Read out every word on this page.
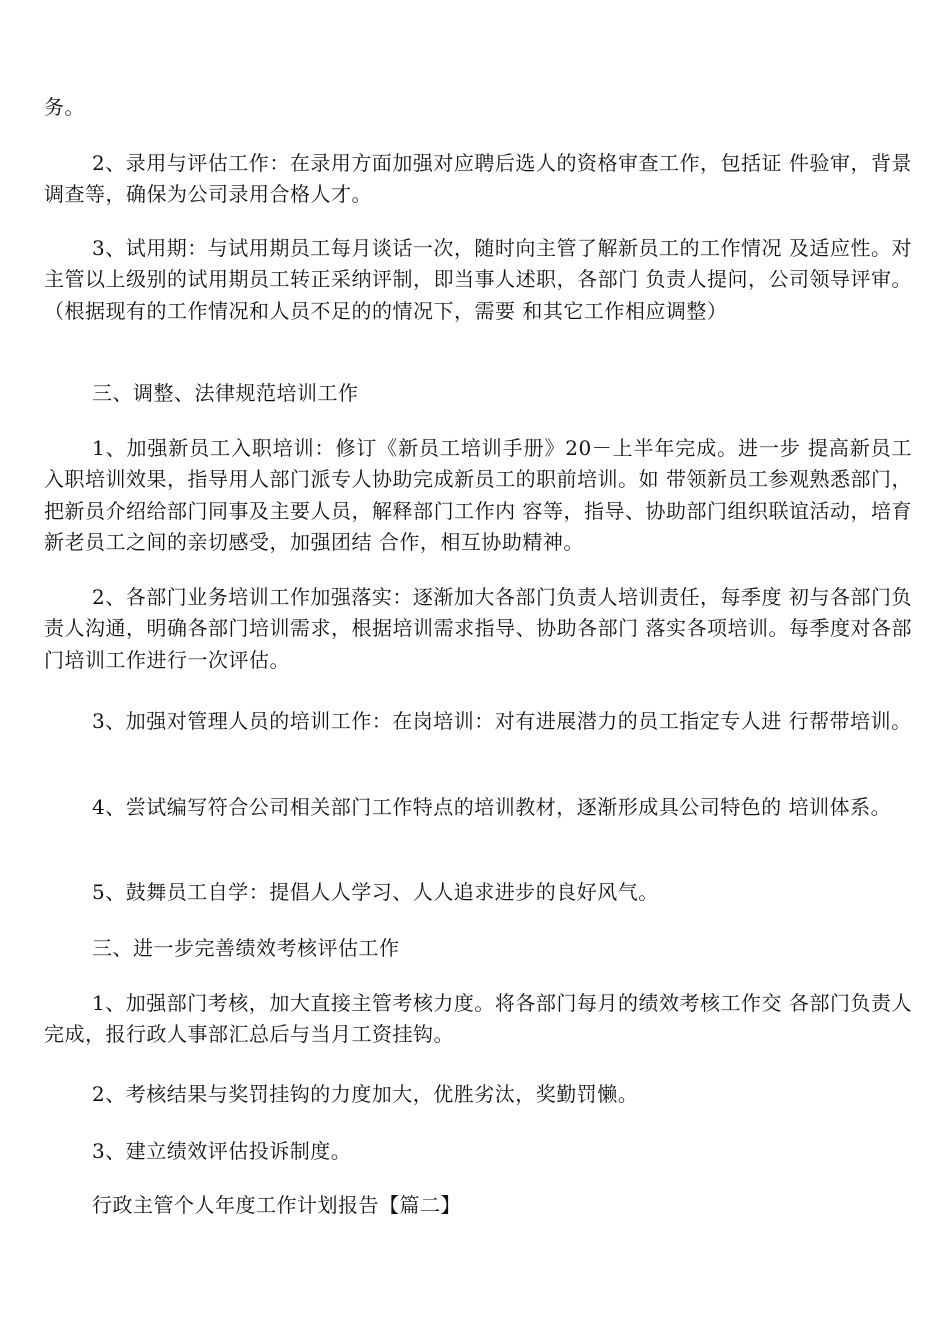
务。

2、录用与评估工作：在录用方面加强对应聘后选人的资格审查工作，包括证 件验审，背景调查等，确保为公司录用合格人才。

3、试用期：与试用期员工每月谈话一次，随时向主管了解新员工的工作情况 及适应性。对主管以上级别的试用期员工转正采纳评制，即当事人述职，各部门 负责人提问，公司领导评审。（根据现有的工作情况和人员不足的的情况下，需要 和其它工作相应调整）

三、调整、法律规范培训工作

1、加强新员工入职培训：修订《新员工培训手册》20－上半年完成。进一步 提高新员工入职培训效果，指导用人部门派专人协助完成新员工的职前培训。如 带领新员工参观熟悉部门，把新员介绍给部门同事及主要人员，解释部门工作内 容等，指导、协助部门组织联谊活动，培育新老员工之间的亲切感受，加强团结 合作，相互协助精神。

2、各部门业务培训工作加强落实：逐渐加大各部门负责人培训责任，每季度 初与各部门负责人沟通，明确各部门培训需求，根据培训需求指导、协助各部门 落实各项培训。每季度对各部门培训工作进行一次评估。

3、加强对管理人员的培训工作：在岗培训：对有进展潜力的员工指定专人进 行帮带培训。

4、尝试编写符合公司相关部门工作特点的培训教材，逐渐形成具公司特色的 培训体系。

5、鼓舞员工自学：提倡人人学习、人人追求进步的良好风气。

三、进一步完善绩效考核评估工作

1、加强部门考核，加大直接主管考核力度。将各部门每月的绩效考核工作交 各部门负责人完成，报行政人事部汇总后与当月工资挂钩。

2、考核结果与奖罚挂钩的力度加大，优胜劣汰，奖勤罚懒。

3、建立绩效评估投诉制度。

行政主管个人年度工作计划报告【篇二】
